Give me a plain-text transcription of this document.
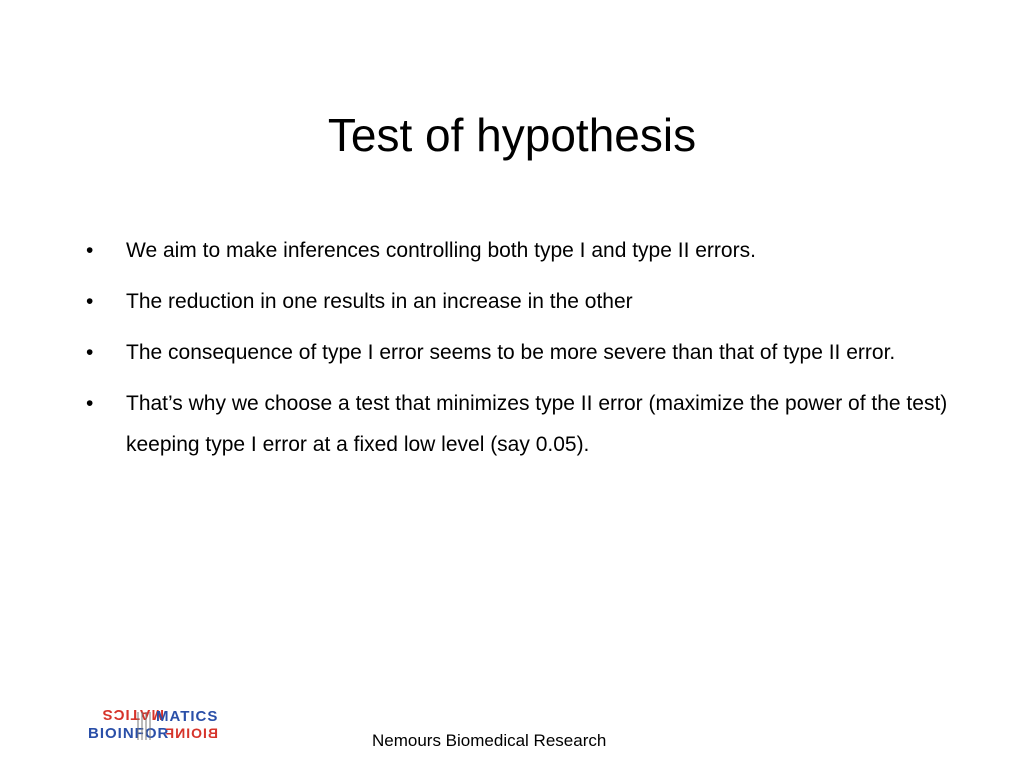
Test of hypothesis
•	We aim to make inferences controlling both type I and type II errors.
•	The reduction in one results in an increase in the other
•	The consequence of type I error seems to be more severe than that of type II error.
•	That’s why we choose a test that minimizes type II error (maximize the power of the test) keeping type I error at a fixed low level (say 0.05).
MATICS
MATICS
BIOINFOR
BIOINF	Nemours Biomedical Research
